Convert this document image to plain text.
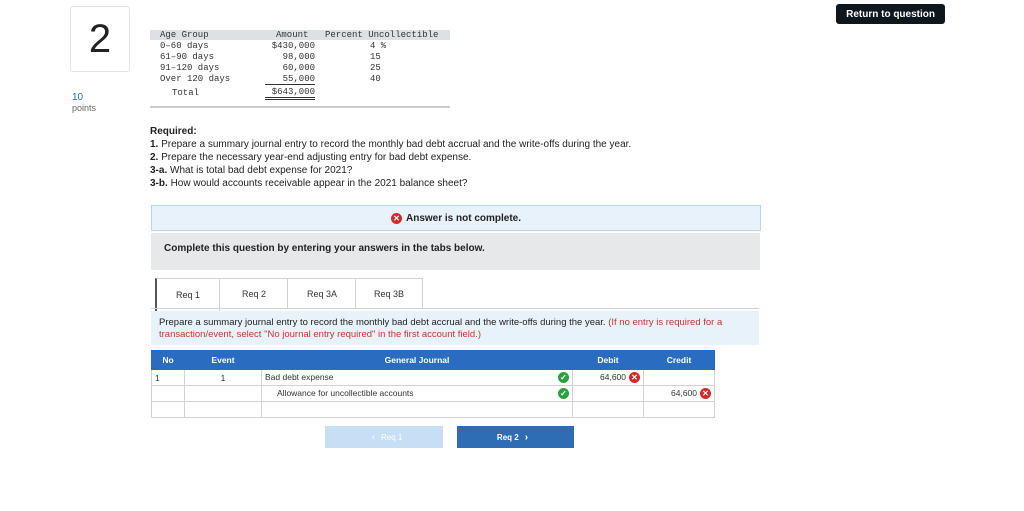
2
10
points
Return to question
Age Group	Amount Percent Uncollectible
0–60 days	$430,000	4 %
61–90 days	98,000	15
91–120 days	60,000	25
Over 120 days	55,000	40
Total	$643,000
Required:
1. Prepare a summary journal entry to record the monthly bad debt accrual and the write-offs during the year.
2. Prepare the necessary year-end adjusting entry for bad debt expense.
3-a. What is total bad debt expense for 2021?
3-b. How would accounts receivable appear in the 2021 balance sheet?
✕ Answer is not complete.
Complete this question by entering your answers in the tabs below.
Req 1	Req 2	Req 3A	Req 3B
Prepare a summary journal entry to record the monthly bad debt accrual and the write-offs during the year. (If no entry is required for a transaction/event, select "No journal entry required" in the first account field.)
No	Event	General Journal	Debit	Credit
1	1	Bad debt expense ✓	64,600 ✕	
		Allowance for uncollectible accounts ✓		64,600 ✕

‹ Req 1	Req 2 ›
